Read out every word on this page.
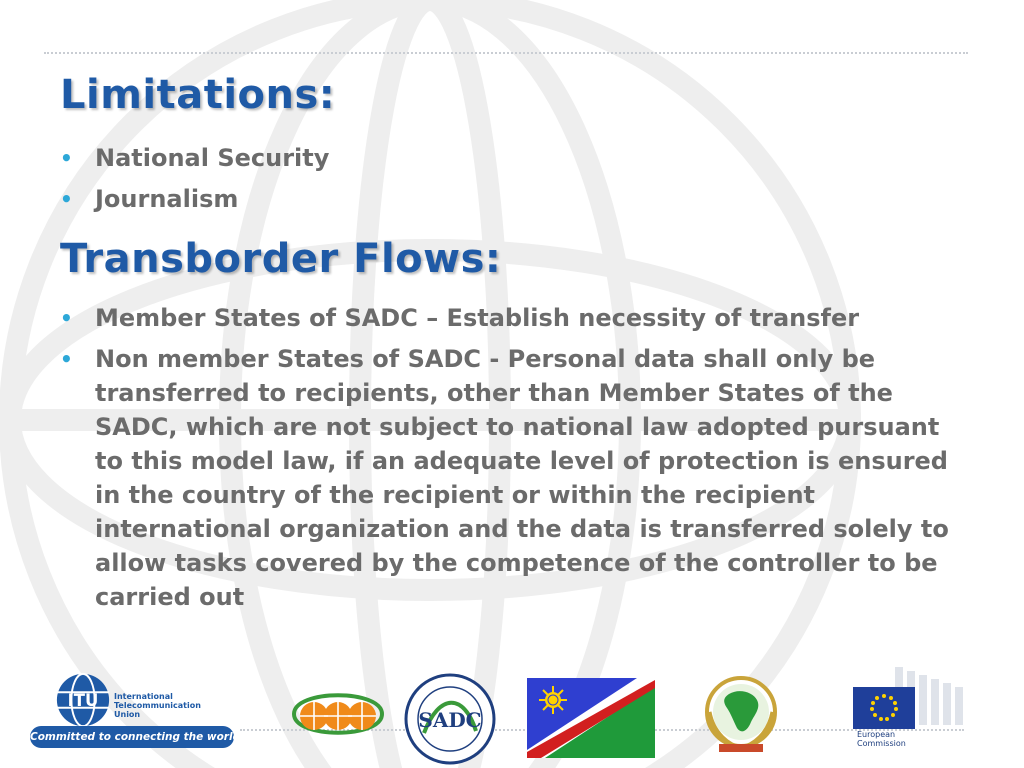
Limitations:
• National Security
• Journalism
Transborder Flows:
• Member States of SADC – Establish necessity of transfer
• Non member States of SADC - Personal data shall only be transferred to recipients, other than Member States of the SADC, which are not subject to national law adopted pursuant to this model law, if an adequate level of protection is ensured in the country of the recipient or within the recipient international organization and the data is transferred solely to allow tasks covered by the competence of the controller to be carried out
ITU International
Telecommunication
Union
Committed to connecting the world
SADC
European
Commission
